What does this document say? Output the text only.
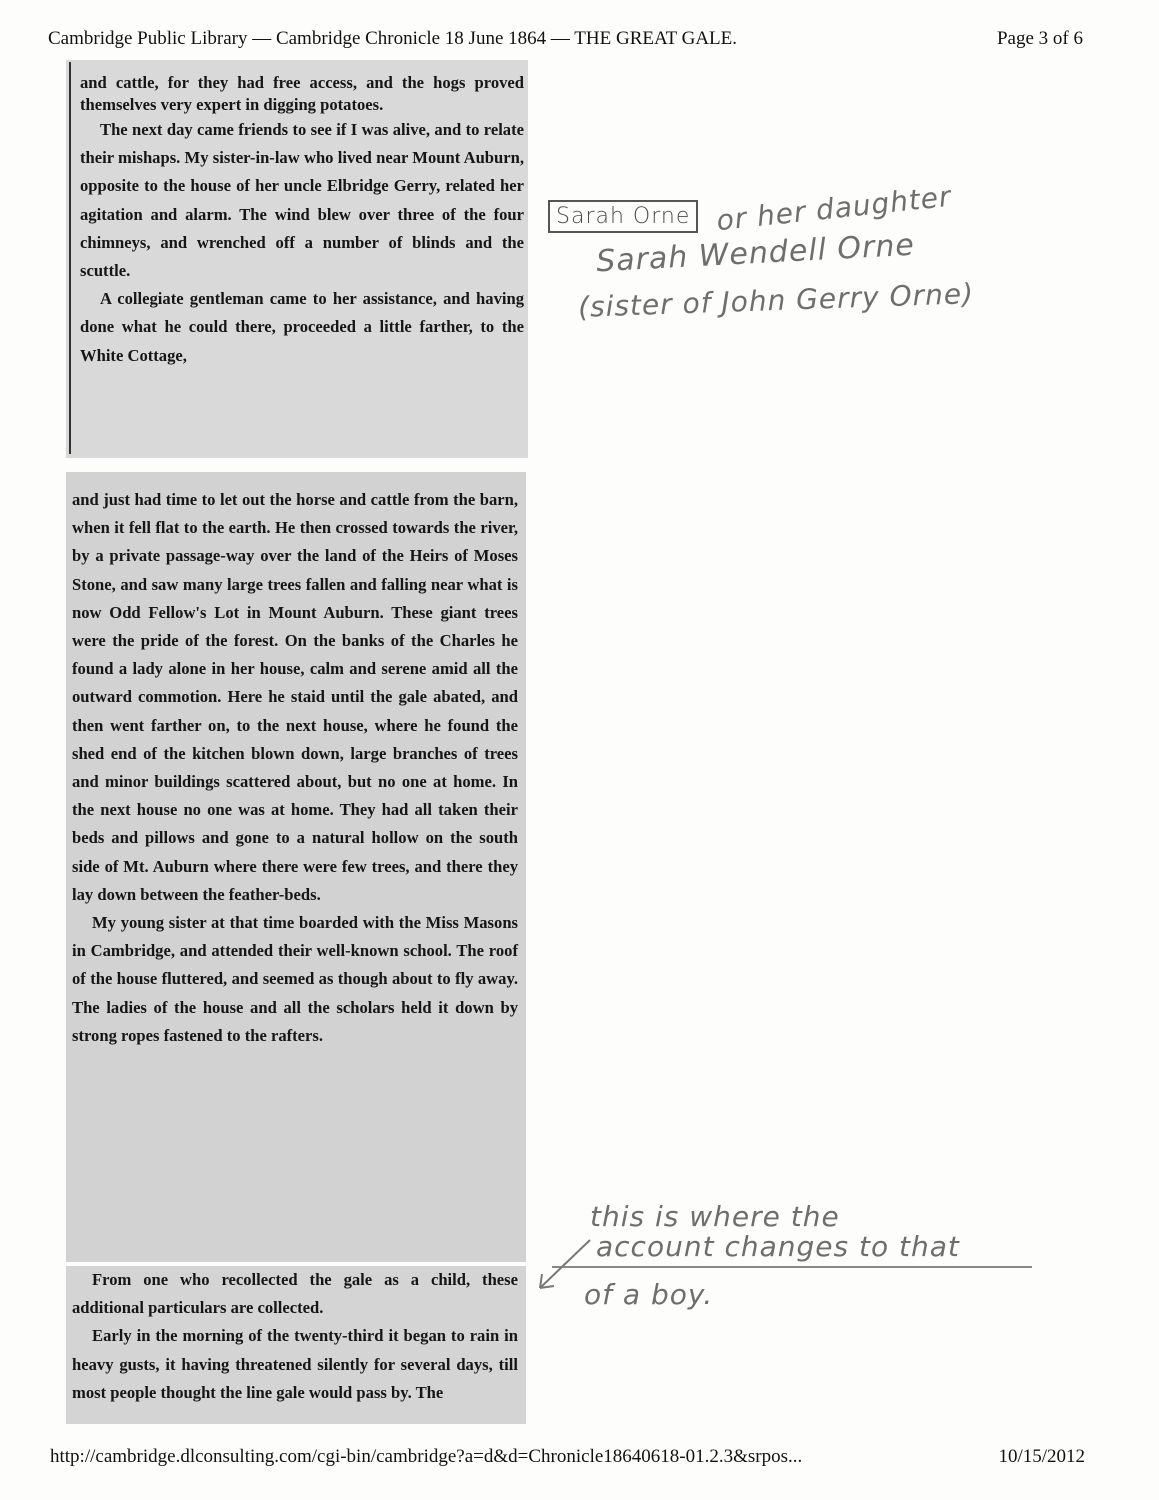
Cambridge Public Library — Cambridge Chronicle 18 June 1864 — THE GREAT GALE.	Page 3 of 6

and cattle, for they had free access, and the hogs proved themselves very expert in digging potatoes.

The next day came friends to see if I was alive, and to relate their mishaps. My sister-in-law who lived near Mount Auburn, opposite to the house of her uncle Elbridge Gerry, related her agitation and alarm. The wind blew over three of the four chimneys, and wrenched off a number of blinds and the scuttle.

A collegiate gentleman came to her assistance, and having done what he could there, proceeded a little farther, to the White Cottage,

and just had time to let out the horse and cattle from the barn, when it fell flat to the earth. He then crossed towards the river, by a private passage-way over the land of the Heirs of Moses Stone, and saw many large trees fallen and falling near what is now Odd Fellow's Lot in Mount Auburn. These giant trees were the pride of the forest. On the banks of the Charles he found a lady alone in her house, calm and serene amid all the outward commotion. Here he staid until the gale abated, and then went farther on, to the next house, where he found the shed end of the kitchen blown down, large branches of trees and minor buildings scattered about, but no one at home. In the next house no one was at home. They had all taken their beds and pillows and gone to a natural hollow on the south side of Mt. Auburn where there were few trees, and there they lay down between the feather-beds.

My young sister at that time boarded with the Miss Masons in Cambridge, and attended their well-known school. The roof of the house fluttered, and seemed as though about to fly away. The ladies of the house and all the scholars held it down by strong ropes fastened to the rafters.

From one who recollected the gale as a child, these additional particulars are collected.

Early in the morning of the twenty-third it began to rain in heavy gusts, it having threatened silently for several days, till most people thought the line gale would pass by. The

Sarah Orne or her daughter
Sarah Wendell Orne
(sister of John Gerry Orne)
this is where the
account changes to that
of a boy.
http://cambridge.dlconsulting.com/cgi-bin/cambridge?a=d&d=Chronicle18640618-01.2.3&srpos...	10/15/2012
